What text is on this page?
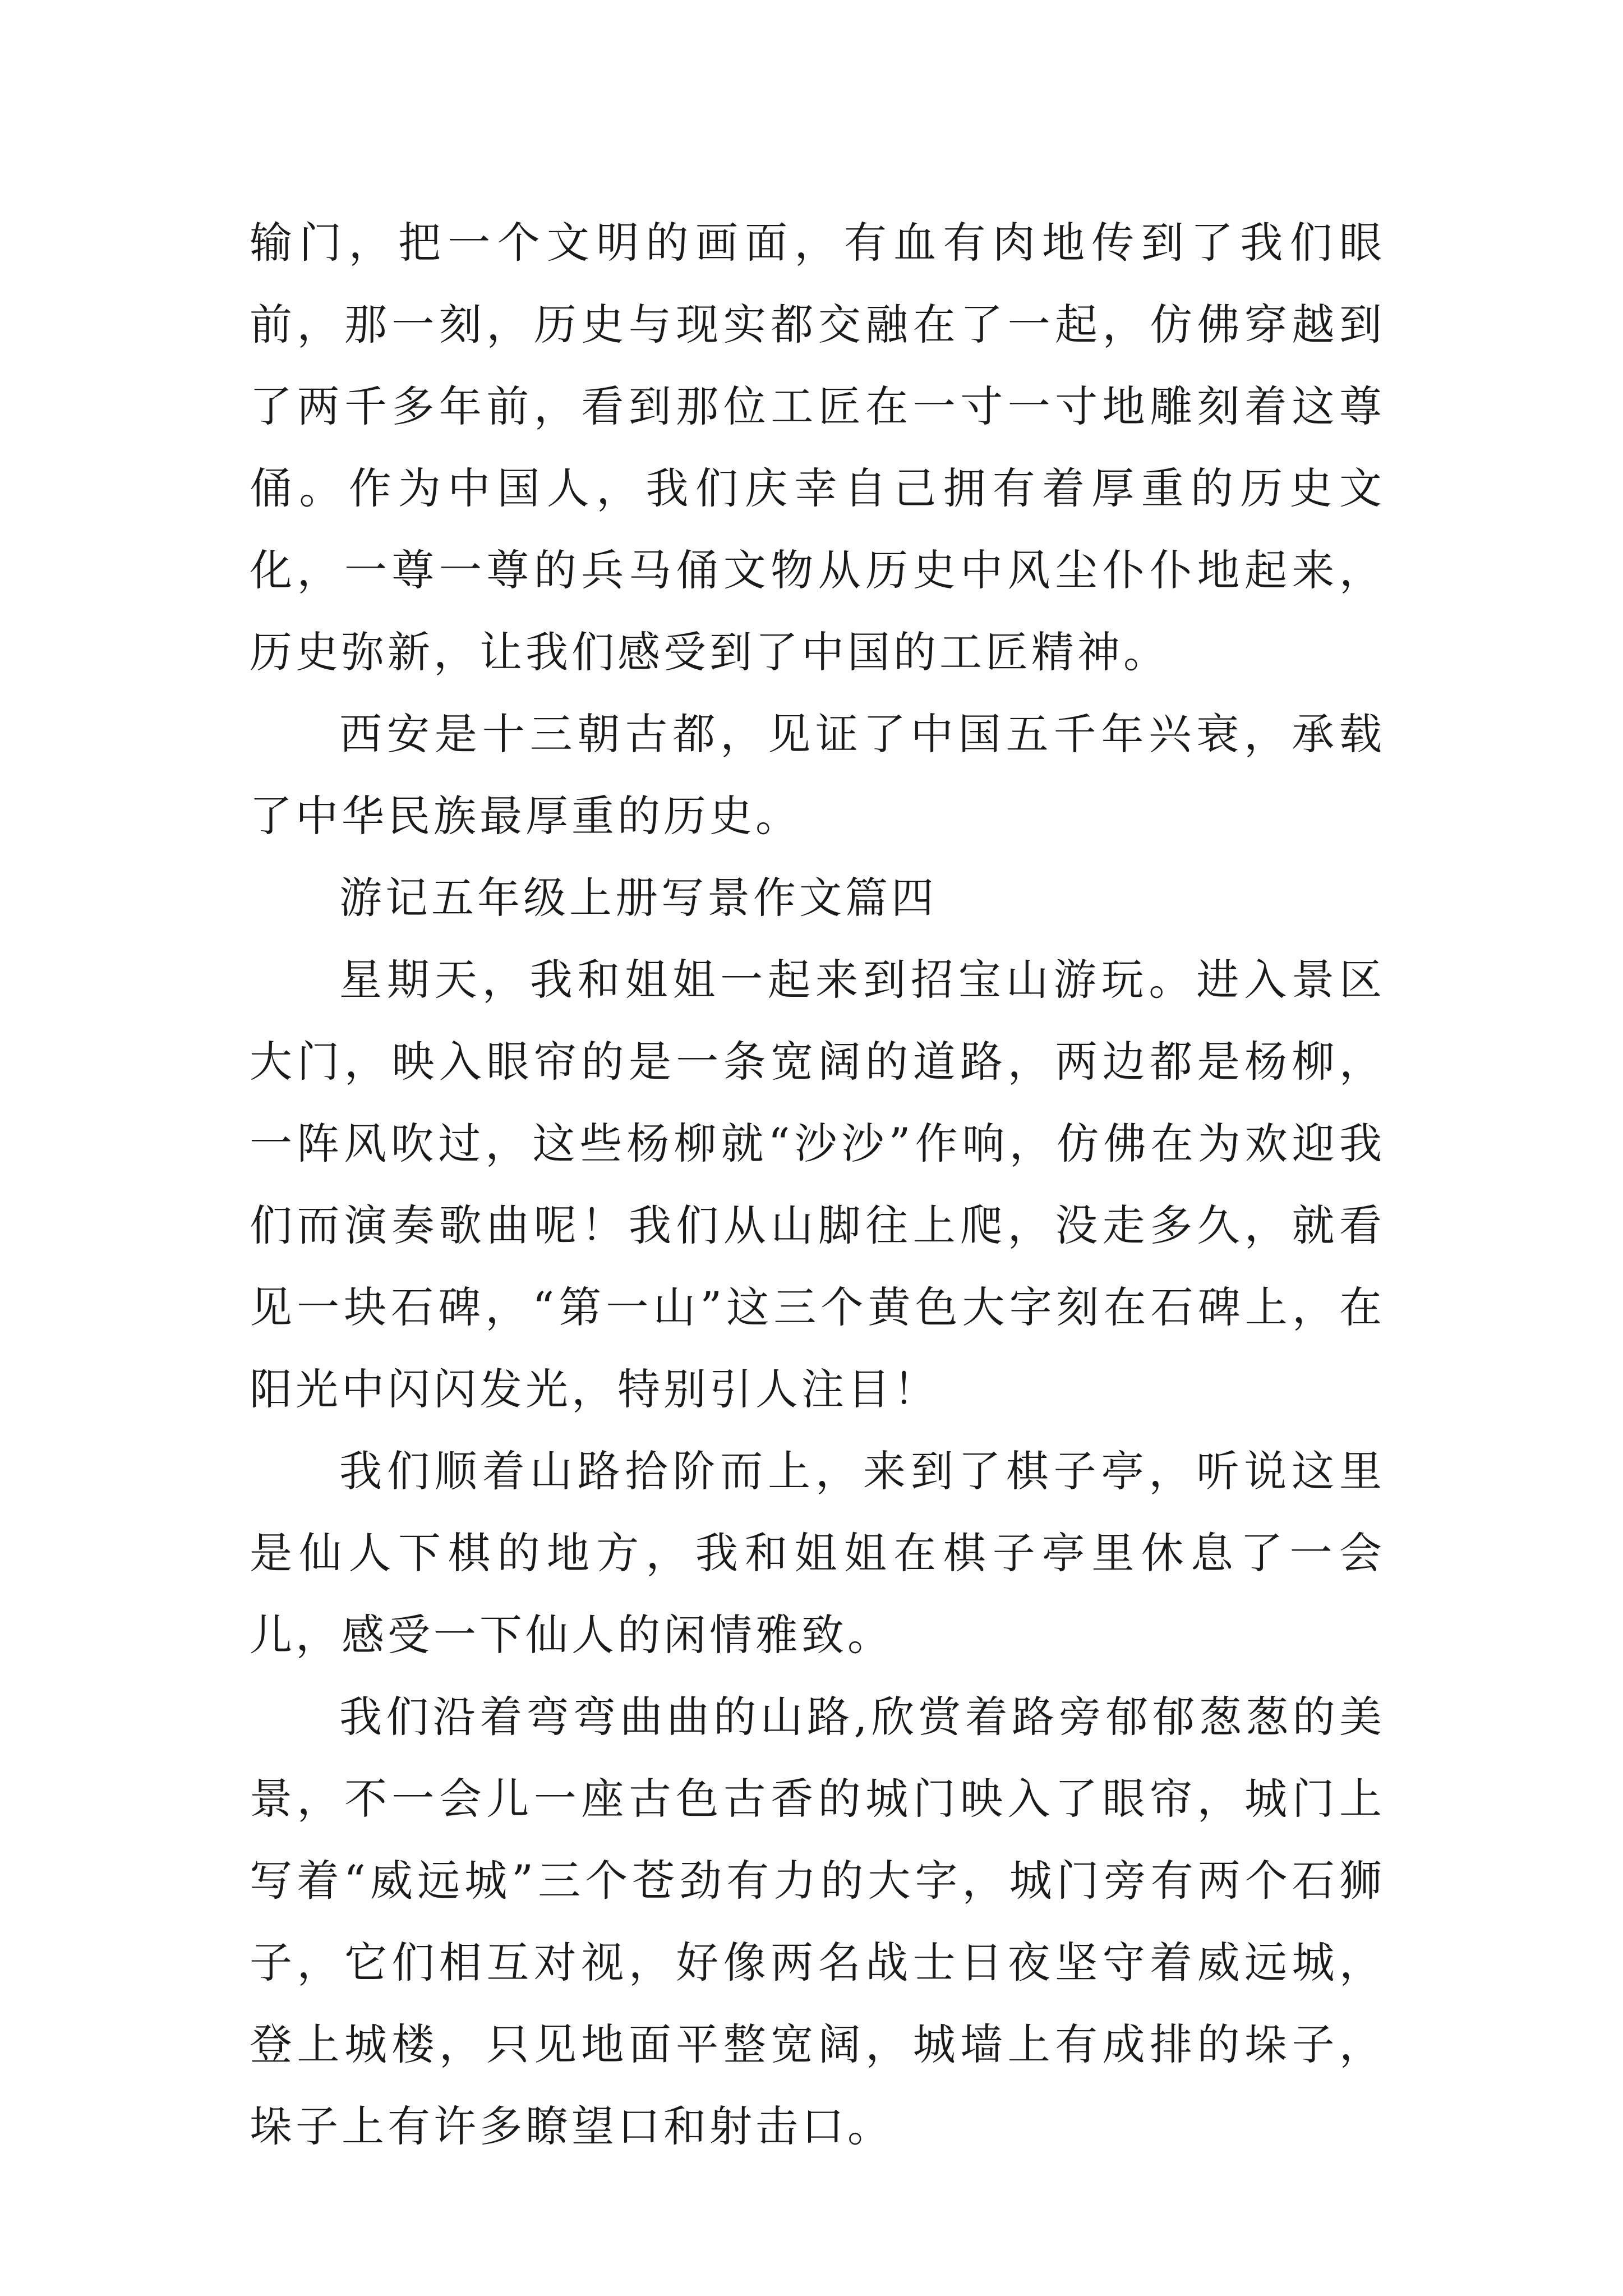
输门，把一个文明的画面，有血有肉地传到了我们眼前，那一刻，历史与现实都交融在了一起，仿佛穿越到了两千多年前，看到那位工匠在一寸一寸地雕刻着这尊俑。作为中国人，我们庆幸自己拥有着厚重的历史文化，一尊一尊的兵马俑文物从历史中风尘仆仆地起来，历史弥新，让我们感受到了中国的工匠精神。

西安是十三朝古都，见证了中国五千年兴衰，承载了中华民族最厚重的历史。

游记五年级上册写景作文篇四

星期天，我和姐姐一起来到招宝山游玩。进入景区大门，映入眼帘的是一条宽阔的道路，两边都是杨柳，一阵风吹过，这些杨柳就“沙沙”作响，仿佛在为欢迎我们而演奏歌曲呢！我们从山脚往上爬，没走多久，就看见一块石碑，“第一山”这三个黄色大字刻在石碑上，在阳光中闪闪发光，特别引人注目！

我们顺着山路拾阶而上，来到了棋子亭，听说这里是仙人下棋的地方，我和姐姐在棋子亭里休息了一会儿，感受一下仙人的闲情雅致。

我们沿着弯弯曲曲的山路,欣赏着路旁郁郁葱葱的美景，不一会儿一座古色古香的城门映入了眼帘，城门上写着“威远城”三个苍劲有力的大字，城门旁有两个石狮子，它们相互对视，好像两名战士日夜坚守着威远城，登上城楼，只见地面平整宽阔，城墙上有成排的垛子，垛子上有许多瞭望口和射击口。
